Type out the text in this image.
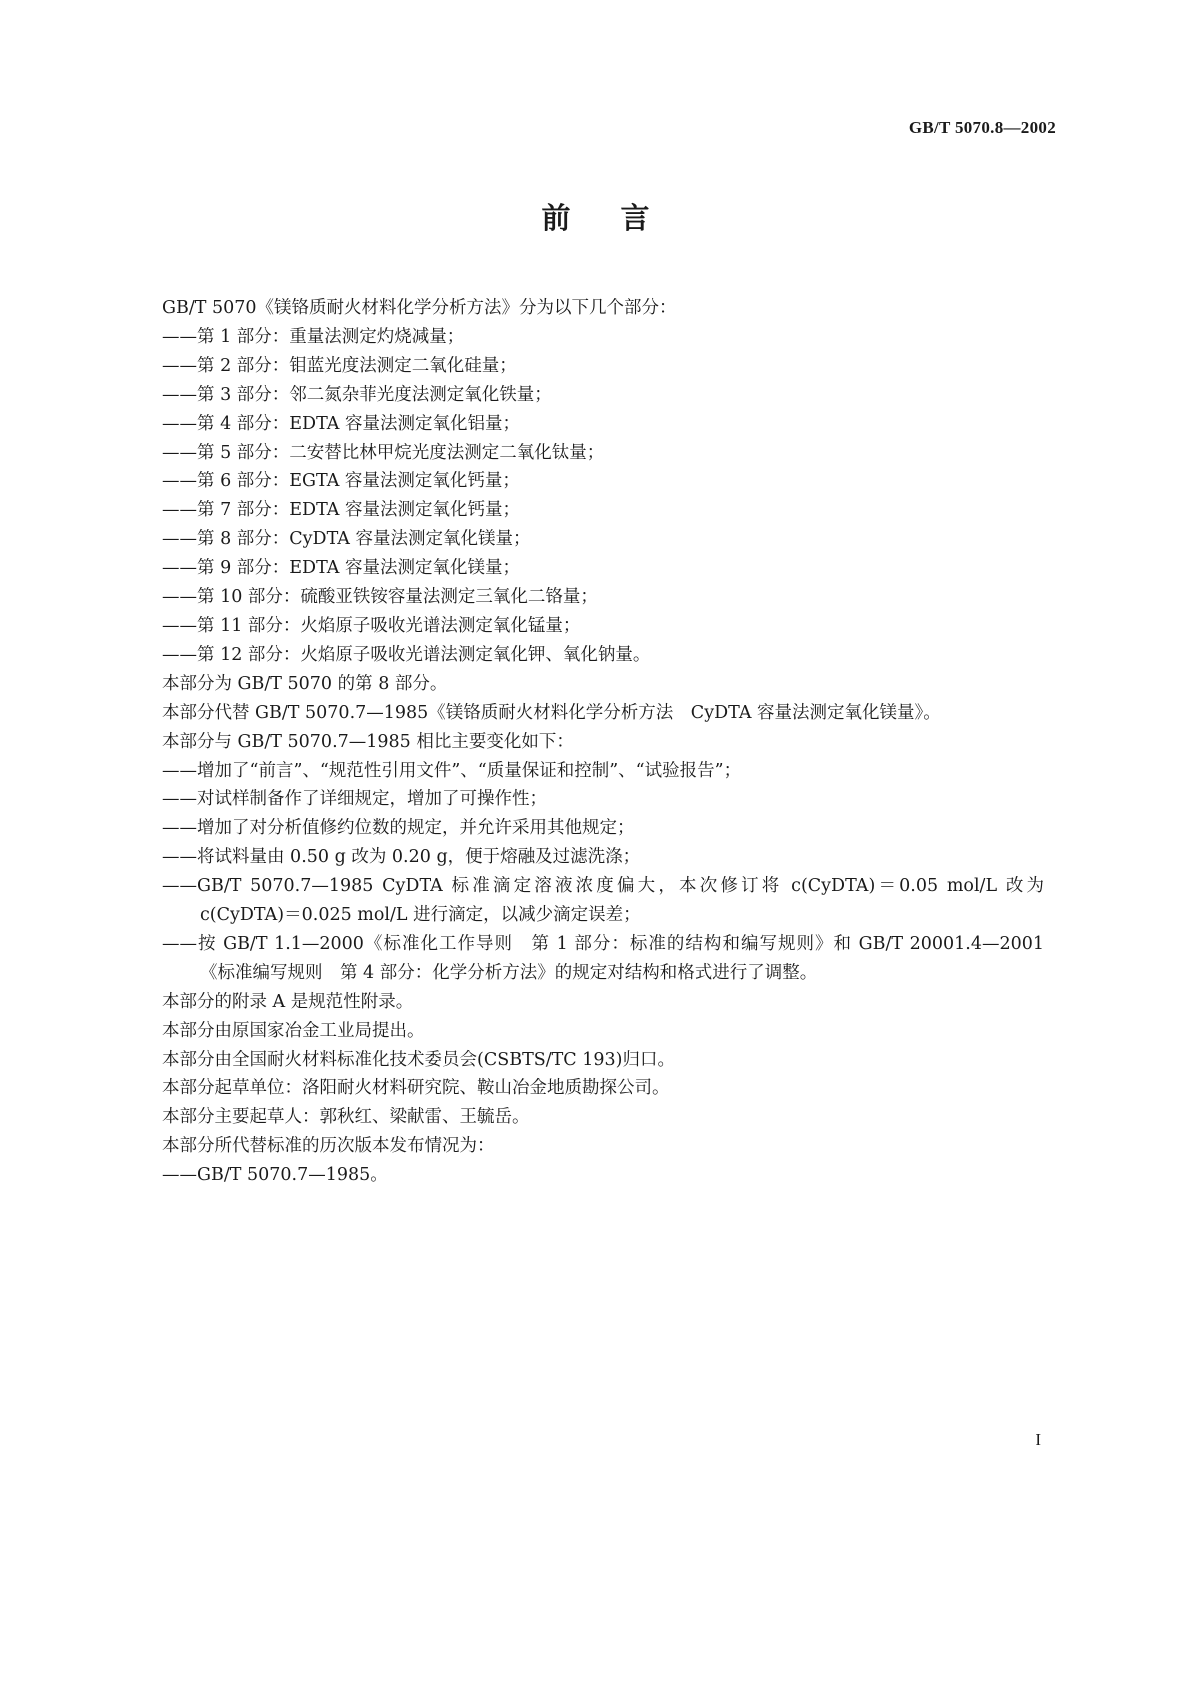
GB/T 5070.8—2002
前言
GB/T 5070《镁铬质耐火材料化学分析方法》分为以下几个部分：
——第 1 部分：重量法测定灼烧减量；
——第 2 部分：钼蓝光度法测定二氧化硅量；
——第 3 部分：邻二氮杂菲光度法测定氧化铁量；
——第 4 部分：EDTA 容量法测定氧化铝量；
——第 5 部分：二安替比林甲烷光度法测定二氧化钛量；
——第 6 部分：EGTA 容量法测定氧化钙量；
——第 7 部分：EDTA 容量法测定氧化钙量；
——第 8 部分：CyDTA 容量法测定氧化镁量；
——第 9 部分：EDTA 容量法测定氧化镁量；
——第 10 部分：硫酸亚铁铵容量法测定三氧化二铬量；
——第 11 部分：火焰原子吸收光谱法测定氧化锰量；
——第 12 部分：火焰原子吸收光谱法测定氧化钾、氧化钠量。
本部分为 GB/T 5070 的第 8 部分。
本部分代替 GB/T 5070.7—1985《镁铬质耐火材料化学分析方法　CyDTA 容量法测定氧化镁量》。
本部分与 GB/T 5070.7—1985 相比主要变化如下：
——增加了“前言”、“规范性引用文件”、“质量保证和控制”、“试验报告”；
——对试样制备作了详细规定，增加了可操作性；
——增加了对分析值修约位数的规定，并允许采用其他规定；
——将试料量由 0.50 g 改为 0.20 g，便于熔融及过滤洗涤；
——GB/T 5070.7—1985 CyDTA 标准滴定溶液浓度偏大，本次修订将 c(CyDTA)＝0.05 mol/L 改为 c(CyDTA)＝0.025 mol/L 进行滴定，以减少滴定误差；
——按 GB/T 1.1—2000《标准化工作导则　第 1 部分：标准的结构和编写规则》和 GB/T 20001.4—2001《标准编写规则　第 4 部分：化学分析方法》的规定对结构和格式进行了调整。
本部分的附录 A 是规范性附录。
本部分由原国家冶金工业局提出。
本部分由全国耐火材料标准化技术委员会(CSBTS/TC 193)归口。
本部分起草单位：洛阳耐火材料研究院、鞍山冶金地质勘探公司。
本部分主要起草人：郭秋红、梁献雷、王毓岳。
本部分所代替标准的历次版本发布情况为：
——GB/T 5070.7—1985。
I
